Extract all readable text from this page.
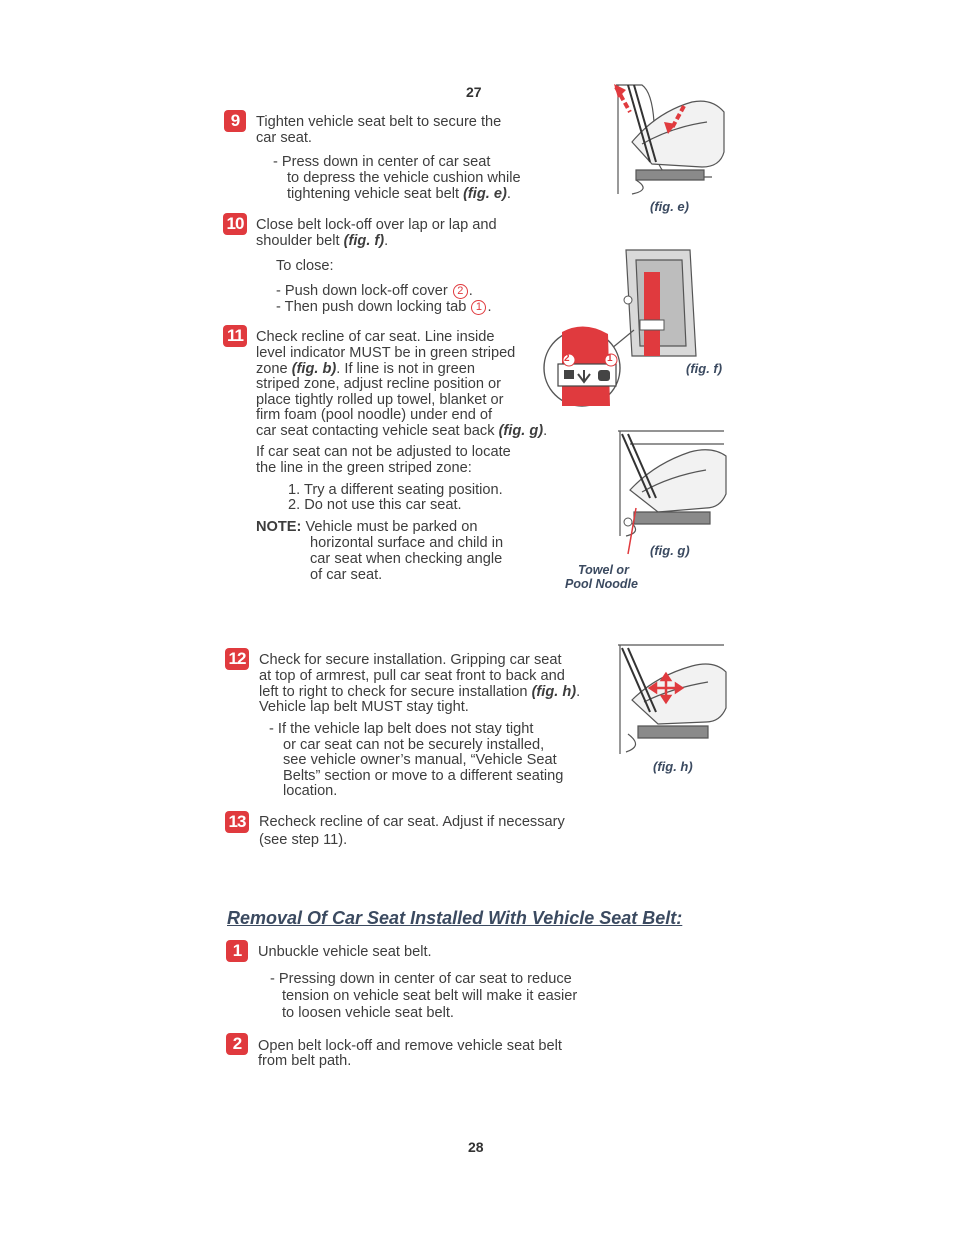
27
9	Tighten vehicle seat belt to secure the
car seat.
- Press down in center of car seat
to depress the vehicle cushion while
tightening vehicle seat belt (fig. e).
10 Close belt lock-off over lap or lap and
shoulder belt (fig. f).
To close:
- Push down lock-off cover 2 .
- Then push down locking tab 1 .
11 Check recline of car seat. Line inside
level indicator MUST be in green striped
zone (fig. b). If line is not in green
striped zone, adjust recline position or
place tightly rolled up towel, blanket or
firm foam (pool noodle) under end of
car seat contacting vehicle seat back (fig. g).
If car seat can not be adjusted to locate
the line in the green striped zone:
1. Try a different seating position.
2. Do not use this car seat.
NOTE: Vehicle must be parked on
horizontal surface and child in
car seat when checking angle
of car seat.
12 Check for secure installation. Gripping car seat
at top of armrest, pull car seat front to back and
left to right to check for secure installation (fig. h).
Vehicle lap belt MUST stay tight.
- If the vehicle lap belt does not stay tight
or car seat can not be securely installed,
see vehicle owner’s manual, “Vehicle Seat
Belts” section or move to a different seating
location.
13 Recheck recline of car seat. Adjust if necessary
(see step 11).
Removal Of Car Seat Installed With Vehicle Seat Belt:
1	Unbuckle vehicle seat belt.
- Pressing down in center of car seat to reduce
tension on vehicle seat belt will make it easier
to loosen vehicle seat belt.
2	Open belt lock-off and remove vehicle seat belt
from belt path.
28
(fig. e)
2	1
(fig. f)
(fig. g)
Towel or
Pool Noodle
(fig. h)
